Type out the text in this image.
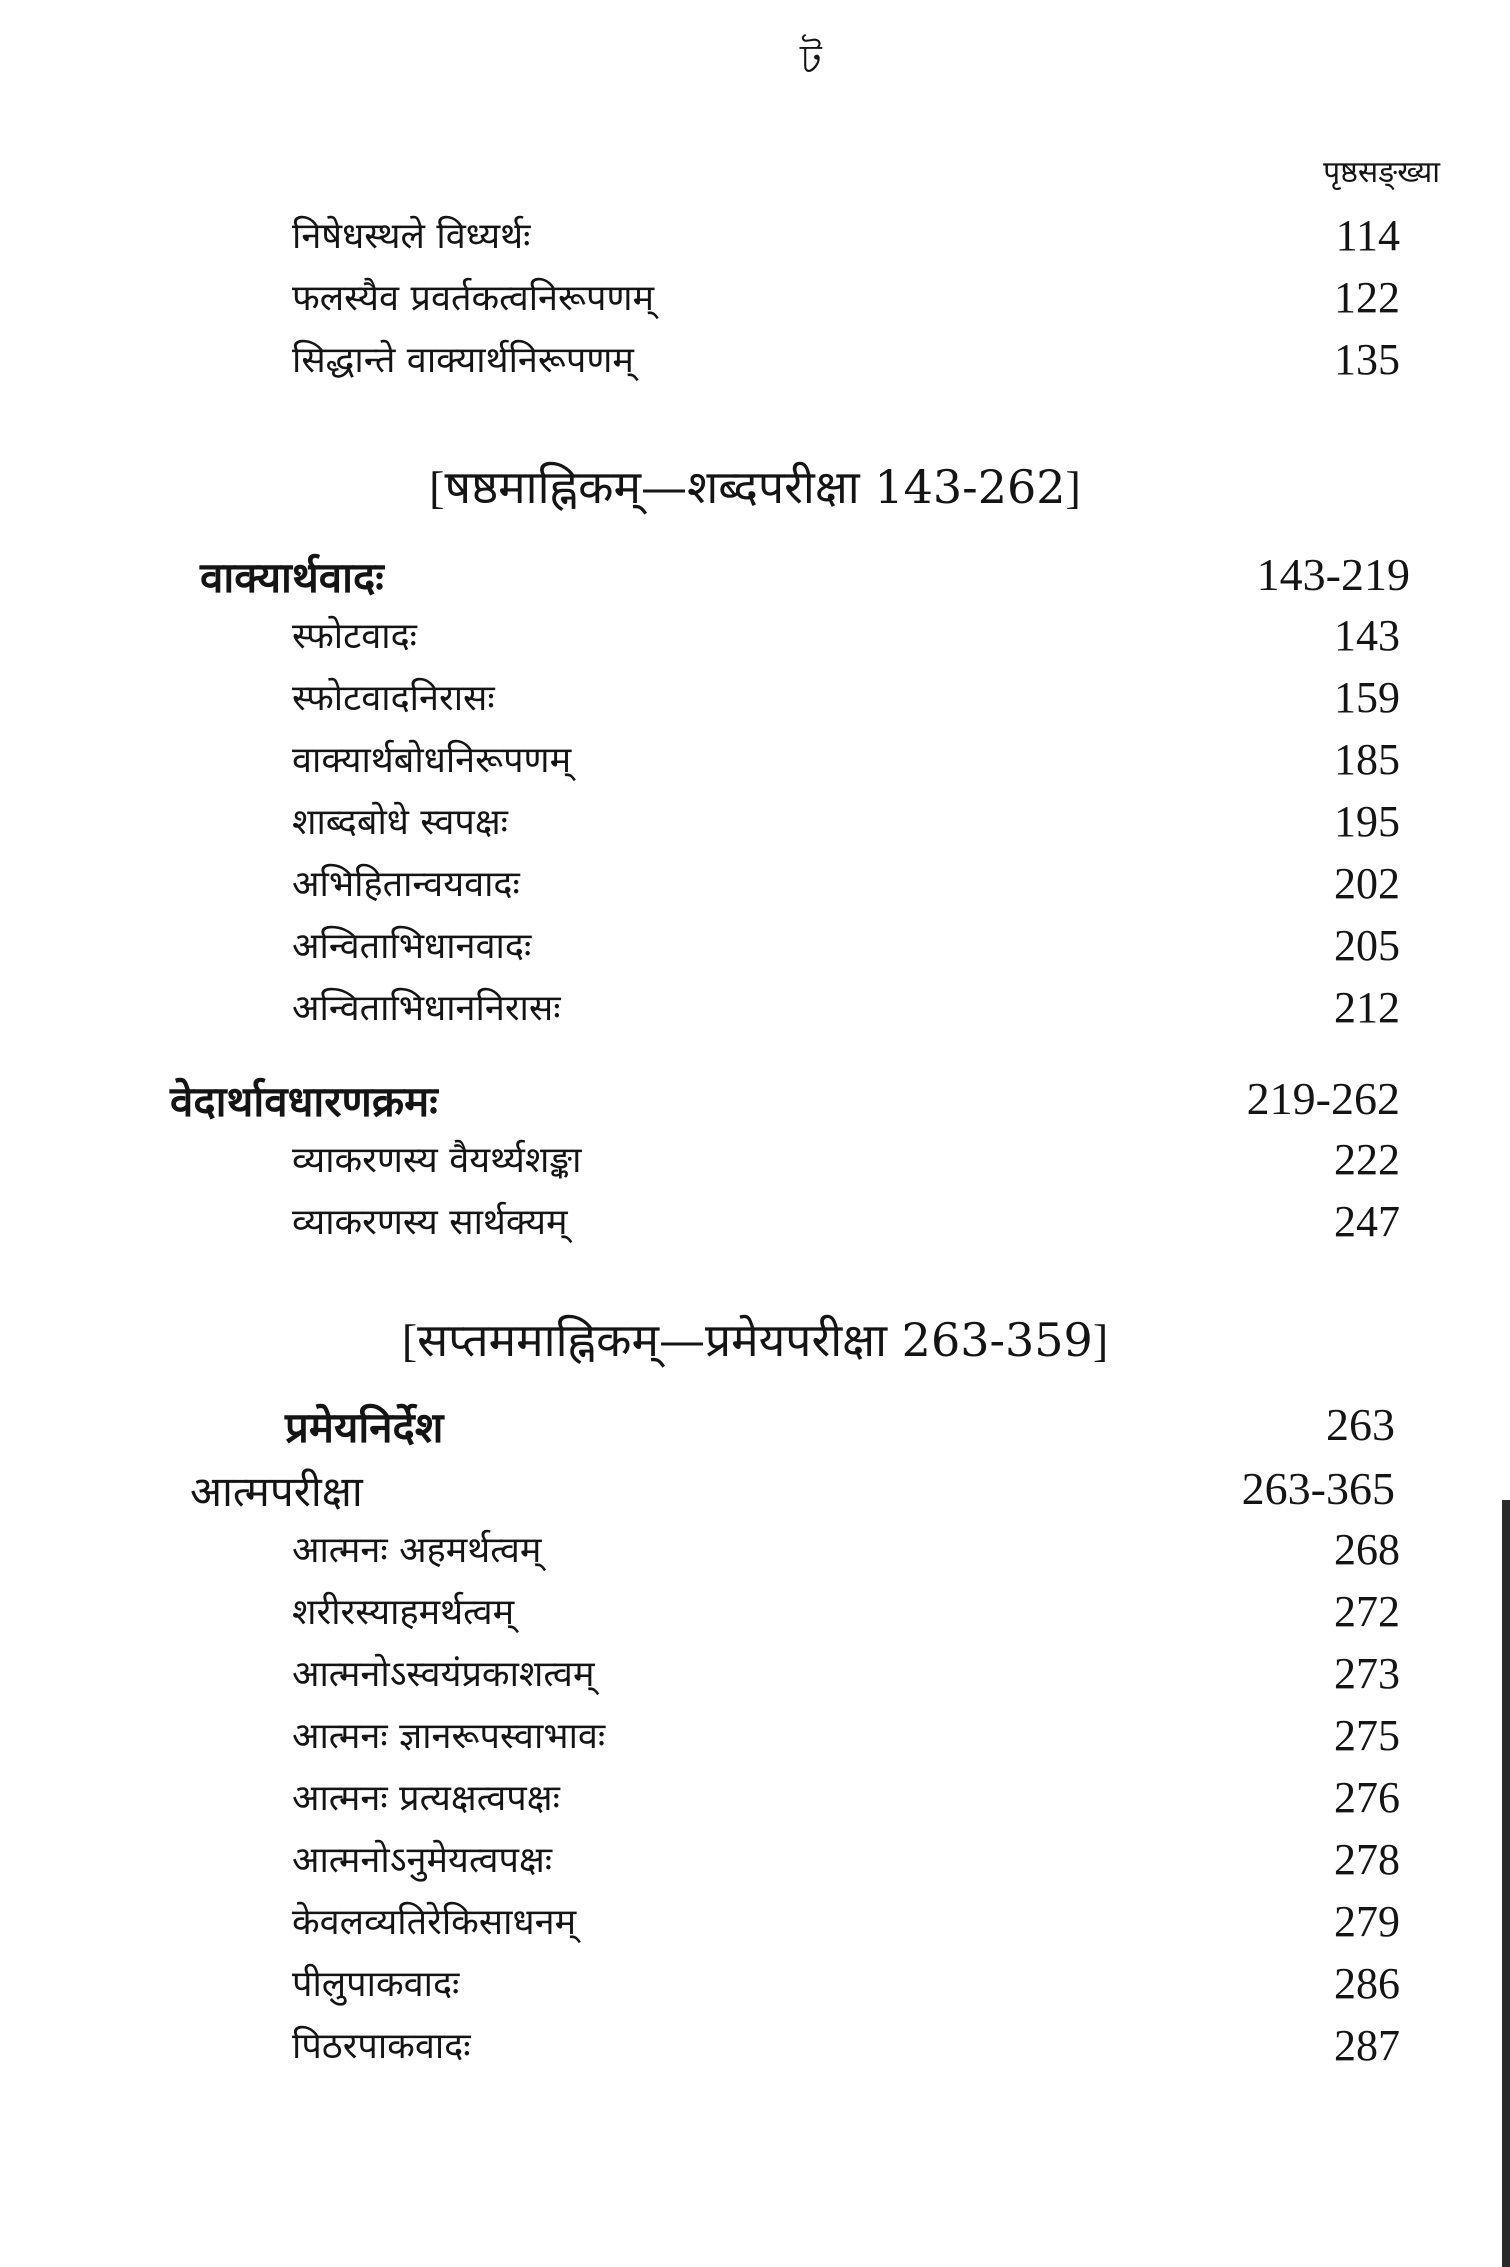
ট
पृष्ठसङ्ख्या
निषेधस्थले विध्यर्थः	114
फलस्यैव प्रवर्तकत्वनिरूपणम्	122
सिद्धान्ते वाक्यार्थनिरूपणम्	135
[षष्ठमाह्निकम्—शब्दपरीक्षा 143-262]
वाक्यार्थवादः	143-219
स्फोटवादः	143
स्फोटवादनिरासः	159
वाक्यार्थबोधनिरूपणम्	185
शाब्दबोधे स्वपक्षः	195
अभिहितान्वयवादः	202
अन्विताभिधानवादः	205
अन्विताभिधाननिरासः	212
वेदार्थावधारणक्रमः	219-262
व्याकरणस्य वैयर्थ्यशङ्का	222
व्याकरणस्य सार्थक्यम्	247
[सप्तममाह्निकम्—प्रमेयपरीक्षा 263-359]
प्रमेयनिर्देश	263
आत्मपरीक्षा	263-365
आत्मनः अहमर्थत्वम्	268
शरीरस्याहमर्थत्वम्	272
आत्मनोऽस्वयंप्रकाशत्वम्	273
आत्मनः ज्ञानरूपस्वाभावः	275
आत्मनः प्रत्यक्षत्वपक्षः	276
आत्मनोऽनुमेयत्वपक्षः	278
केवलव्यतिरेकिसाधनम्	279
पीलुपाकवादः	286
पिठरपाकवादः	287
